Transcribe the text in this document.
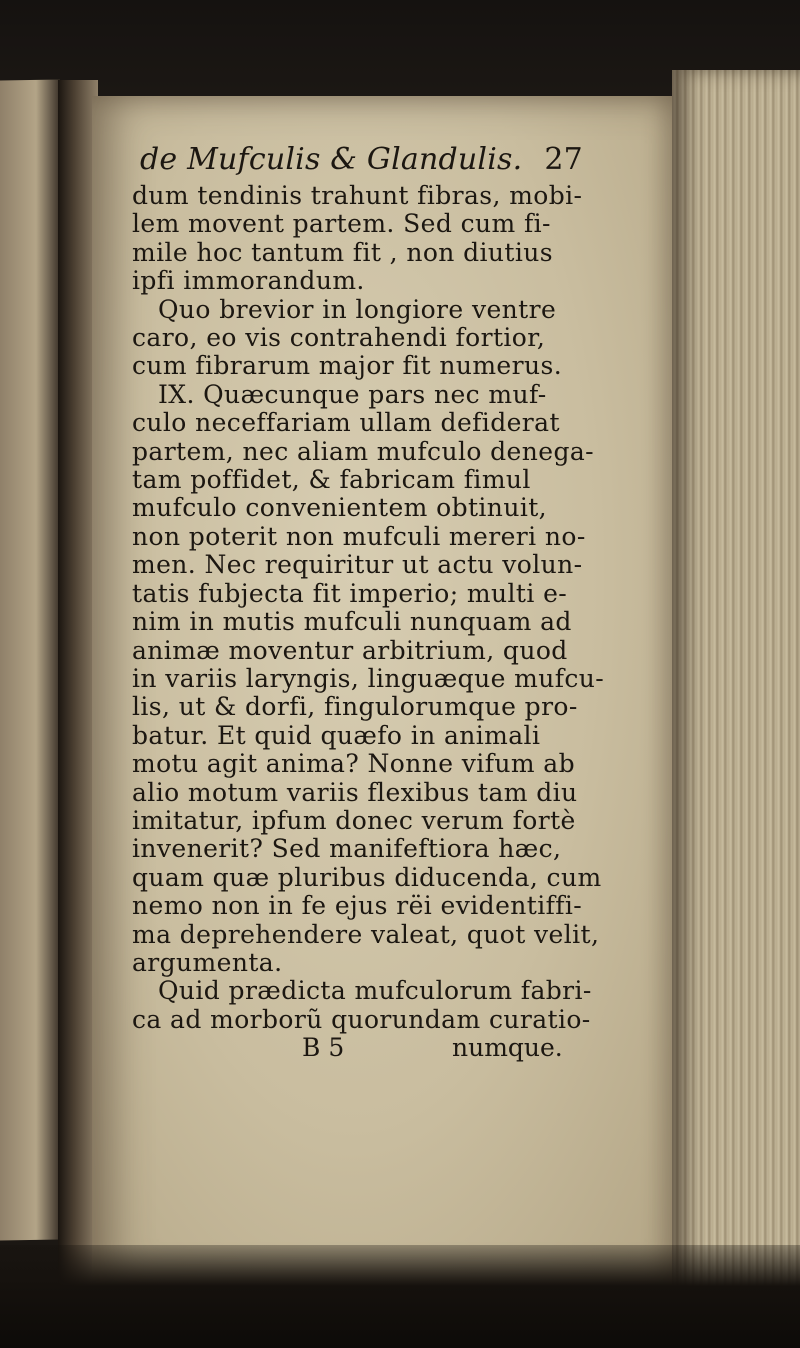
de Mufculis & Glandulis. 27
dum tendinis trahunt fibras, mobi-
lem movent partem. Sed cum fi-
mile hoc tantum fit , non diutius
ipfi immorandum.
Quo brevior in longiore ventre
caro, eo vis contrahendi fortior,
cum fibrarum major fit numerus.
IX. Quæcunque pars nec muf-
culo neceffariam ullam defiderat
partem, nec aliam mufculo denega-
tam poffidet, & fabricam fimul
mufculo convenientem obtinuit,
non poterit non mufculi mereri no-
men. Nec requiritur ut actu volun-
tatis fubjecta fit imperio; multi e-
nim in mutis mufculi nunquam ad
animæ moventur arbitrium, quod
in variis laryngis, linguæque mufcu-
lis, ut & dorfi, fingulorumque pro-
batur. Et quid quæfo in animali
motu agit anima? Nonne vifum ab
alio motum variis flexibus tam diu
imitatur, ipfum donec verum fortè
invenerit? Sed manifeftiora hæc,
quam quæ pluribus diducenda, cum
nemo non in fe ejus rëi evidentiffi-
ma deprehendere valeat, quot velit,
argumenta.
Quid prædicta mufculorum fabri-
ca ad morborũ quorundam curatio-
B 5	numque.
